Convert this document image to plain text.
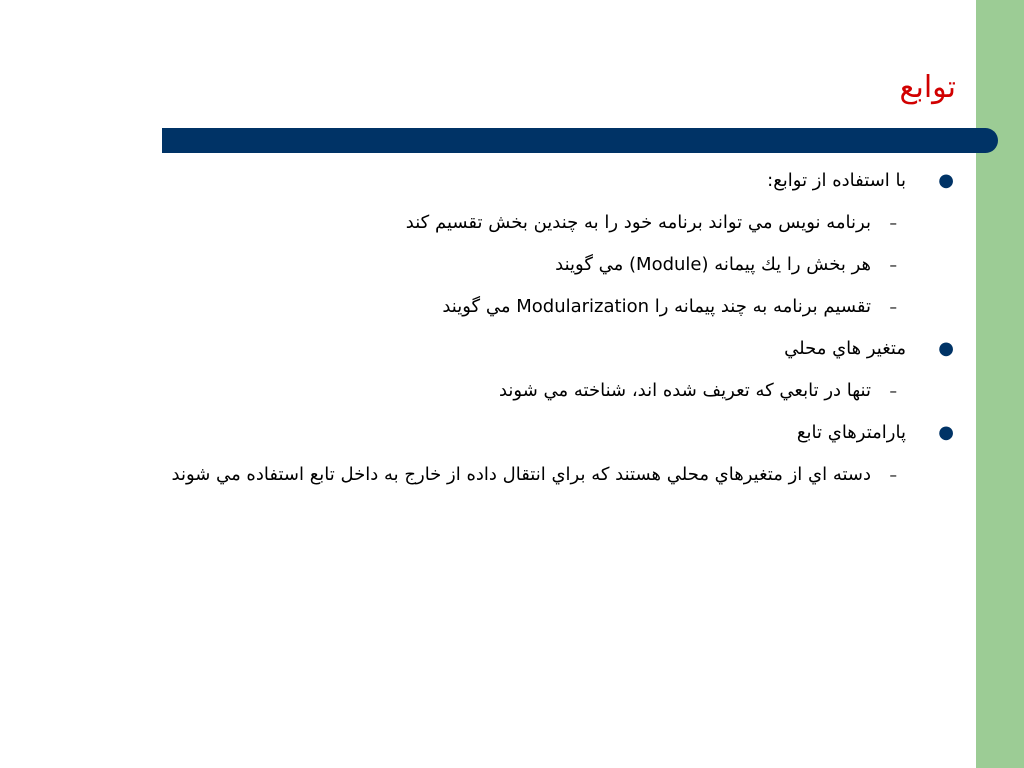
توابع
●
با استفاده از توابع:
–
برنامه نويس مي تواند برنامه خود را به چندين بخش تقسيم كند
–
هر بخش را يك پيمانه (Module) مي گويند
–
تقسيم برنامه به چند پيمانه را Modularization مي گويند
●
متغير هاي محلي
–
تنها در تابعي كه تعريف شده اند، شناخته مي شوند
●
پارامترهاي تابع
–
دسته اي از متغيرهاي محلي هستند كه براي انتقال داده از خارج به داخل تابع استفاده مي شوند
